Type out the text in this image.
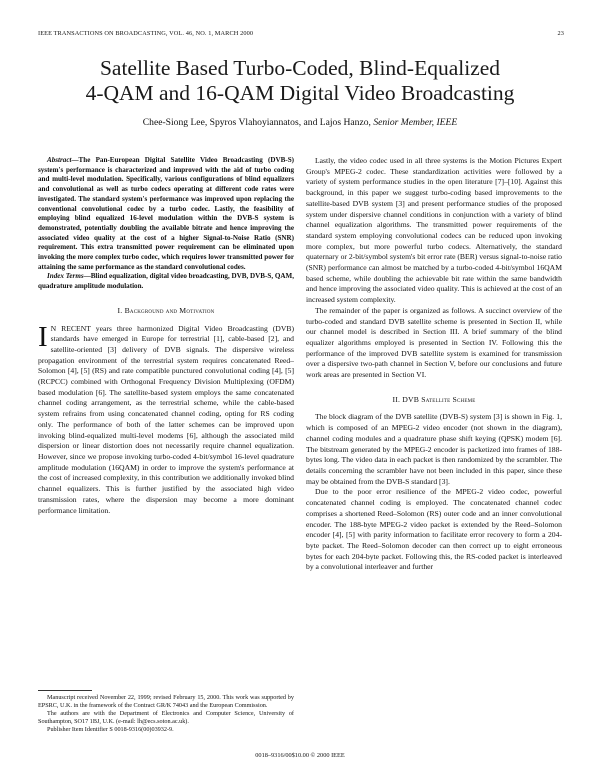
IEEE TRANSACTIONS ON BROADCASTING, VOL. 46, NO. 1, MARCH 2000	23
Satellite Based Turbo-Coded, Blind-Equalized
4-QAM and 16-QAM Digital Video Broadcasting
Chee-Siong Lee, Spyros Vlahoyiannatos, and Lajos Hanzo, Senior Member, IEEE

Abstract—The Pan-European Digital Satellite Video Broadcasting (DVB-S) system's performance is characterized and improved with the aid of turbo coding and multi-level modulation. Specifically, various configurations of blind equalizers and convolutional as well as turbo codecs operating at different code rates were investigated. The standard system's performance was improved upon replacing the conventional convolutional codec by a turbo codec. Lastly, the feasibility of employing blind equalized 16-level modulation within the DVB-S system is demonstrated, potentially doubling the available bitrate and hence improving the associated video quality at the cost of a higher Signal-to-Noise Ratio (SNR) requirement. This extra transmitted power requirement can be eliminated upon invoking the more complex turbo codec, which requires lower transmitted power for attaining the same performance as the standard convolutional codes.

Index Terms—Blind equalization, digital video broadcasting, DVB, DVB-S, QAM, quadrature amplitude modulation.

I. Background and Motivation

I N RECENT years three harmonized Digital Video Broadcasting (DVB) standards have emerged in Europe for terrestrial [1], cable-based [2], and satellite-oriented [3] delivery of DVB signals. The dispersive wireless propagation environment of the terrestrial system requires concatenated Reed–Solomon [4], [5] (RS) and rate compatible punctured convolutional coding [4], [5] (RCPCC) combined with Orthogonal Frequency Division Multiplexing (OFDM) based modulation [6]. The satellite-based system employs the same concatenated channel coding arrangement, as the terrestrial scheme, while the cable-based system refrains from using concatenated channel coding, opting for RS coding only. The performance of both of the latter schemes can be improved upon invoking blind-equalized multi-level modems [6], although the associated mild dispersion or linear distortion does not necessarily require channel equalization. However, since we propose invoking turbo-coded 4-bit/symbol 16-level quadrature amplitude modulation (16QAM) in order to improve the system's performance at the cost of increased complexity, in this contribution we additionally invoked blind channel equalizers. This is further justified by the associated high video transmission rates, where the dispersion may become a more dominant performance limitation.

Manuscript received November 22, 1999; revised February 15, 2000. This work was supported by EPSRC, U.K. in the framework of the Contract GR/K 74043 and the European Commission.

The authors are with the Department of Electronics and Computer Science, University of Southampton, SO17 1BJ, U.K. (e-mail: lh@ecs.soton.ac.uk).

Publisher Item Identifier S 0018-9316(00)03932-9.

Lastly, the video codec used in all three systems is the Motion Pictures Expert Group's MPEG-2 codec. These standardization activities were followed by a variety of system performance studies in the open literature [7]–[10]. Against this background, in this paper we suggest turbo-coding based improvements to the satellite-based DVB system [3] and present performance studies of the proposed system under dispersive channel conditions in conjunction with a variety of blind channel equalization algorithms. The transmitted power requirements of the standard system employing convolutional codecs can be reduced upon invoking more complex, but more powerful turbo codecs. Alternatively, the standard quaternary or 2-bit/symbol system's bit error rate (BER) versus signal-to-noise ratio (SNR) performance can almost be matched by a turbo-coded 4-bit/symbol 16QAM based scheme, while doubling the achievable bit rate within the same bandwidth and hence improving the associated video quality. This is achieved at the cost of an increased system complexity.

The remainder of the paper is organized as follows. A succinct overview of the turbo-coded and standard DVB satellite scheme is presented in Section II, while our channel model is described in Section III. A brief summary of the blind equalizer algorithms employed is presented in Section IV. Following this the performance of the improved DVB satellite system is examined for transmission over a dispersive two-path channel in Section V, before our conclusions and future work areas are presented in Section VI.

II. DVB Satellite Scheme

The block diagram of the DVB satellite (DVB-S) system [3] is shown in Fig. 1, which is composed of an MPEG-2 video encoder (not shown in the diagram), channel coding modules and a quadrature phase shift keying (QPSK) modem [6]. The bitstream generated by the MPEG-2 encoder is packetized into frames of 188-bytes long. The video data in each packet is then randomized by the scrambler. The details concerning the scrambler have not been included in this paper, since these may be obtained from the DVB-S standard [3].

Due to the poor error resilience of the MPEG-2 video codec, powerful concatenated channel coding is employed. The concatenated channel codec comprises a shortened Reed–Solomon (RS) outer code and an inner convolutional encoder. The 188-byte MPEG-2 video packet is extended by the Reed–Solomon encoder [4], [5] with parity information to facilitate error recovery to form a 204-byte packet. The Reed–Solomon decoder can then correct up to eight erroneous bytes for each 204-byte packet. Following this, the RS-coded packet is interleaved by a convolutional interleaver and further

0018–9316/00$10.00 © 2000 IEEE
